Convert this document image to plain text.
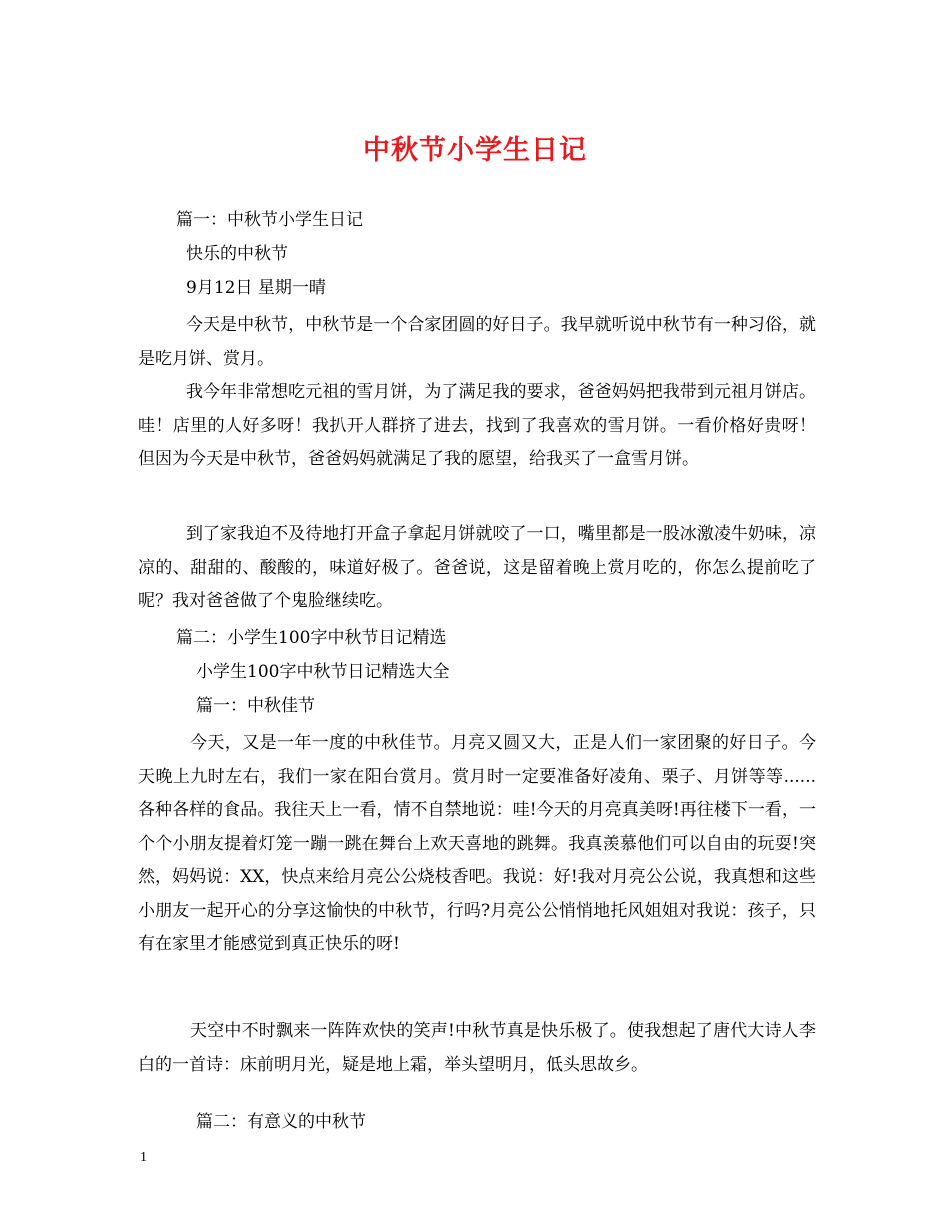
中秋节小学生日记
篇一：中秋节小学生日记
快乐的中秋节
9月12日 星期一晴
今天是中秋节，中秋节是一个合家团圆的好日子。我早就听说中秋节有一种习俗，就是吃月饼、赏月。
我今年非常想吃元祖的雪月饼，为了满足我的要求，爸爸妈妈把我带到元祖月饼店。哇！店里的人好多呀！我扒开人群挤了进去，找到了我喜欢的雪月饼。一看价格好贵呀！但因为今天是中秋节，爸爸妈妈就满足了我的愿望，给我买了一盒雪月饼。
到了家我迫不及待地打开盒子拿起月饼就咬了一口，嘴里都是一股冰激凌牛奶味，凉凉的、甜甜的、酸酸的，味道好极了。爸爸说，这是留着晚上赏月吃的，你怎么提前吃了呢？我对爸爸做了个鬼脸继续吃。
篇二：小学生100字中秋节日记精选
小学生100字中秋节日记精选大全
篇一：中秋佳节
今天，又是一年一度的中秋佳节。月亮又圆又大，正是人们一家团聚的好日子。今天晚上九时左右，我们一家在阳台赏月。赏月时一定要准备好凌角、栗子、月饼等等......各种各样的食品。我往天上一看，情不自禁地说：哇!今天的月亮真美呀!再往楼下一看，一个个小朋友提着灯笼一蹦一跳在舞台上欢天喜地的跳舞。我真羡慕他们可以自由的玩耍!突然，妈妈说：XX，快点来给月亮公公烧枝香吧。我说：好!我对月亮公公说，我真想和这些小朋友一起开心的分享这愉快的中秋节，行吗?月亮公公悄悄地托风姐姐对我说：孩子，只有在家里才能感觉到真正快乐的呀!
天空中不时飘来一阵阵欢快的笑声!中秋节真是快乐极了。使我想起了唐代大诗人李白的一首诗：床前明月光，疑是地上霜，举头望明月，低头思故乡。
篇二：有意义的中秋节
1
